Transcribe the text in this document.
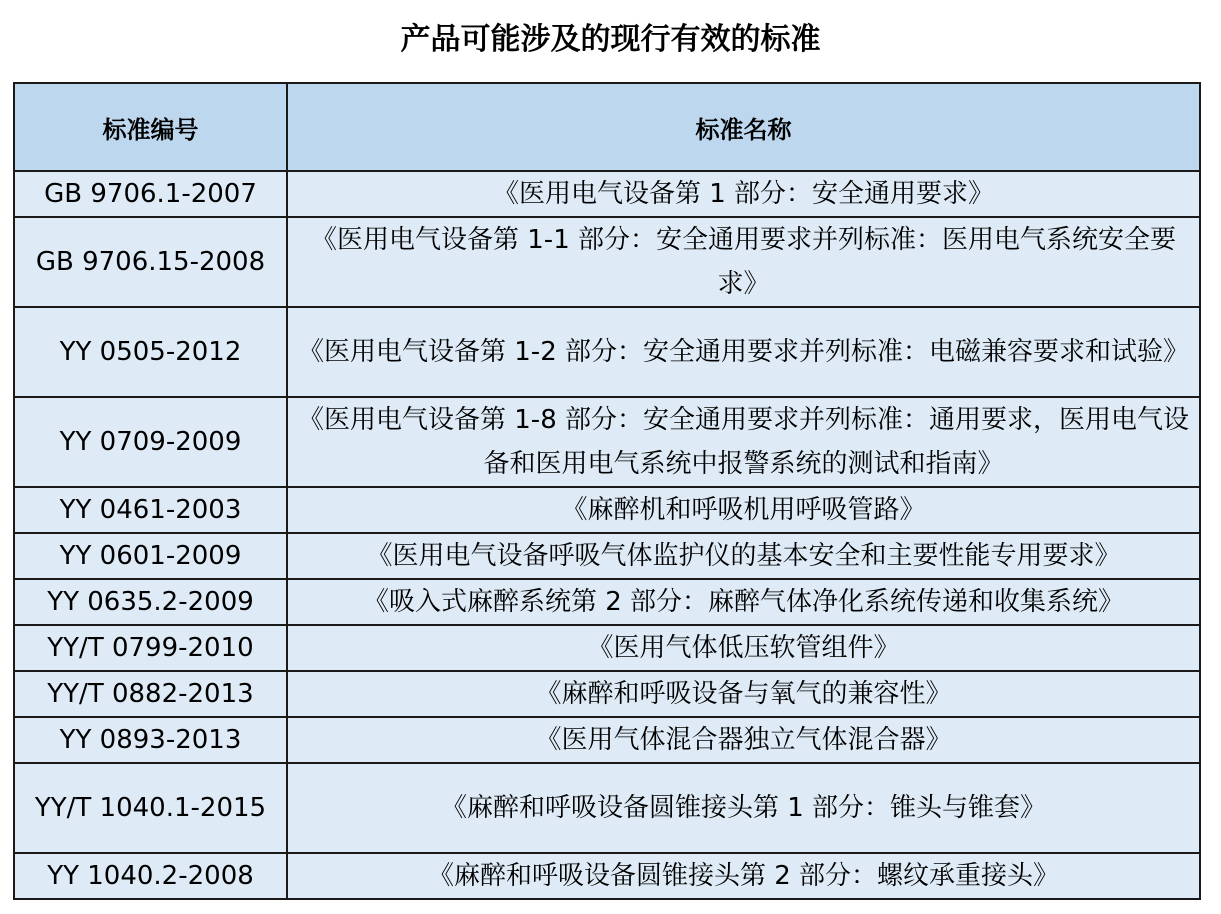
产品可能涉及的现行有效的标准
标准编号	标准名称
GB 9706.1-2007	《医用电气设备第 1 部分：安全通用要求》
GB 9706.15-2008	《医用电气设备第 1-1 部分：安全通用要求并列标准：医用电气系统安全要求》
YY 0505-2012	《医用电气设备第 1-2 部分：安全通用要求并列标准：电磁兼容要求和试验》
YY 0709-2009	《医用电气设备第 1-8 部分：安全通用要求并列标准：通用要求，医用电气设备和医用电气系统中报警系统的测试和指南》
YY 0461-2003	《麻醉机和呼吸机用呼吸管路》
YY 0601-2009	《医用电气设备呼吸气体监护仪的基本安全和主要性能专用要求》
YY 0635.2-2009	《吸入式麻醉系统第 2 部分：麻醉气体净化系统传递和收集系统》
YY/T 0799-2010	《医用气体低压软管组件》
YY/T 0882-2013	《麻醉和呼吸设备与氧气的兼容性》
YY 0893-2013	《医用气体混合器独立气体混合器》
YY/T 1040.1-2015	《麻醉和呼吸设备圆锥接头第 1 部分：锥头与锥套》
YY 1040.2-2008	《麻醉和呼吸设备圆锥接头第 2 部分：螺纹承重接头》
